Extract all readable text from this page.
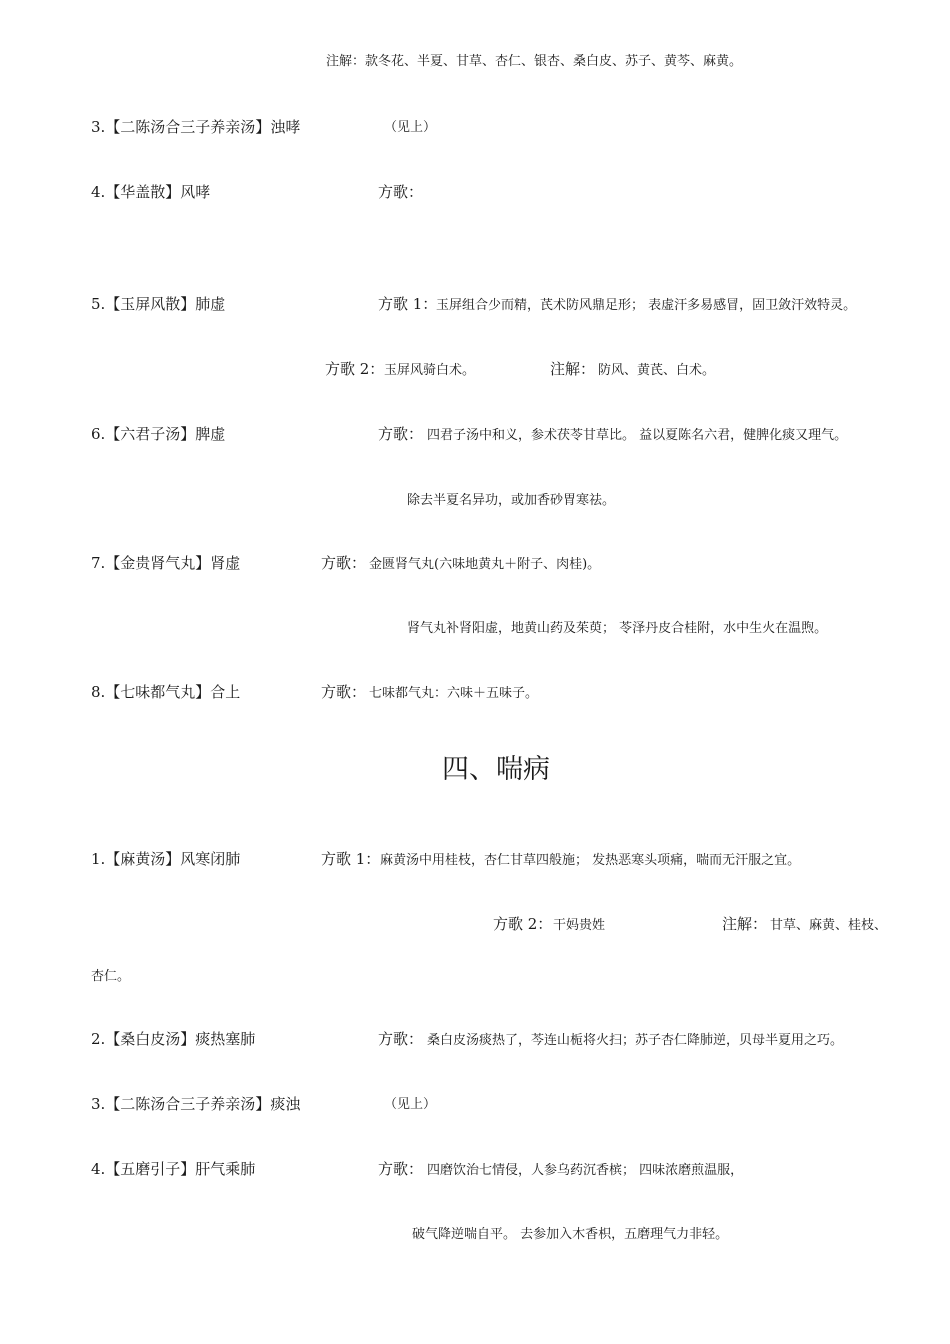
注解：款冬花、半夏、甘草、杏仁、银杏、桑白皮、苏子、黄芩、麻黄。
3.【二陈汤合三子养亲汤】浊哮	（见上）
4.【华盖散】风哮	方歌：
5.【玉屏风散】肺虚	方歌 1：
玉屏组合少而精，芪术防风鼎足形； 表虚汗多易感冒，固卫敛汗效特灵。
方歌 2： 玉屏风骑白术。	注解： 防风、黄芪、白术。
6.【六君子汤】脾虚	方歌： 四君子汤中和义，参术茯苓甘草比。 益以夏陈名六君，健脾化痰又理气。
除去半夏名异功，或加香砂胃寒祛。
7.【金贵肾气丸】肾虚	方歌： 金匮肾气丸(六味地黄丸＋附子、肉桂)。
肾气丸补肾阳虚，地黄山药及茱萸； 苓泽丹皮合桂附，水中生火在温煦。
8.【七味都气丸】合上	方歌： 七味都气丸：六味＋五味子。
四、喘病
1.【麻黄汤】风寒闭肺	方歌 1： 麻黄汤中用桂枝，杏仁甘草四般施； 发热恶寒头项痛，喘而无汗服之宜。
方歌 2： 干妈贵姓	注解： 甘草、麻黄、桂枝、
杏仁。
2.【桑白皮汤】痰热塞肺	方歌： 桑白皮汤痰热了，芩连山栀将火扫；苏子杏仁降肺逆，贝母半夏用之巧。
3.【二陈汤合三子养亲汤】痰浊	（见上）
4.【五磨引子】肝气乘肺	方歌： 四磨饮治七情侵，人参乌药沉香槟； 四味浓磨煎温服，
破气降逆喘自平。 去参加入木香枳，五磨理气力非轻。
